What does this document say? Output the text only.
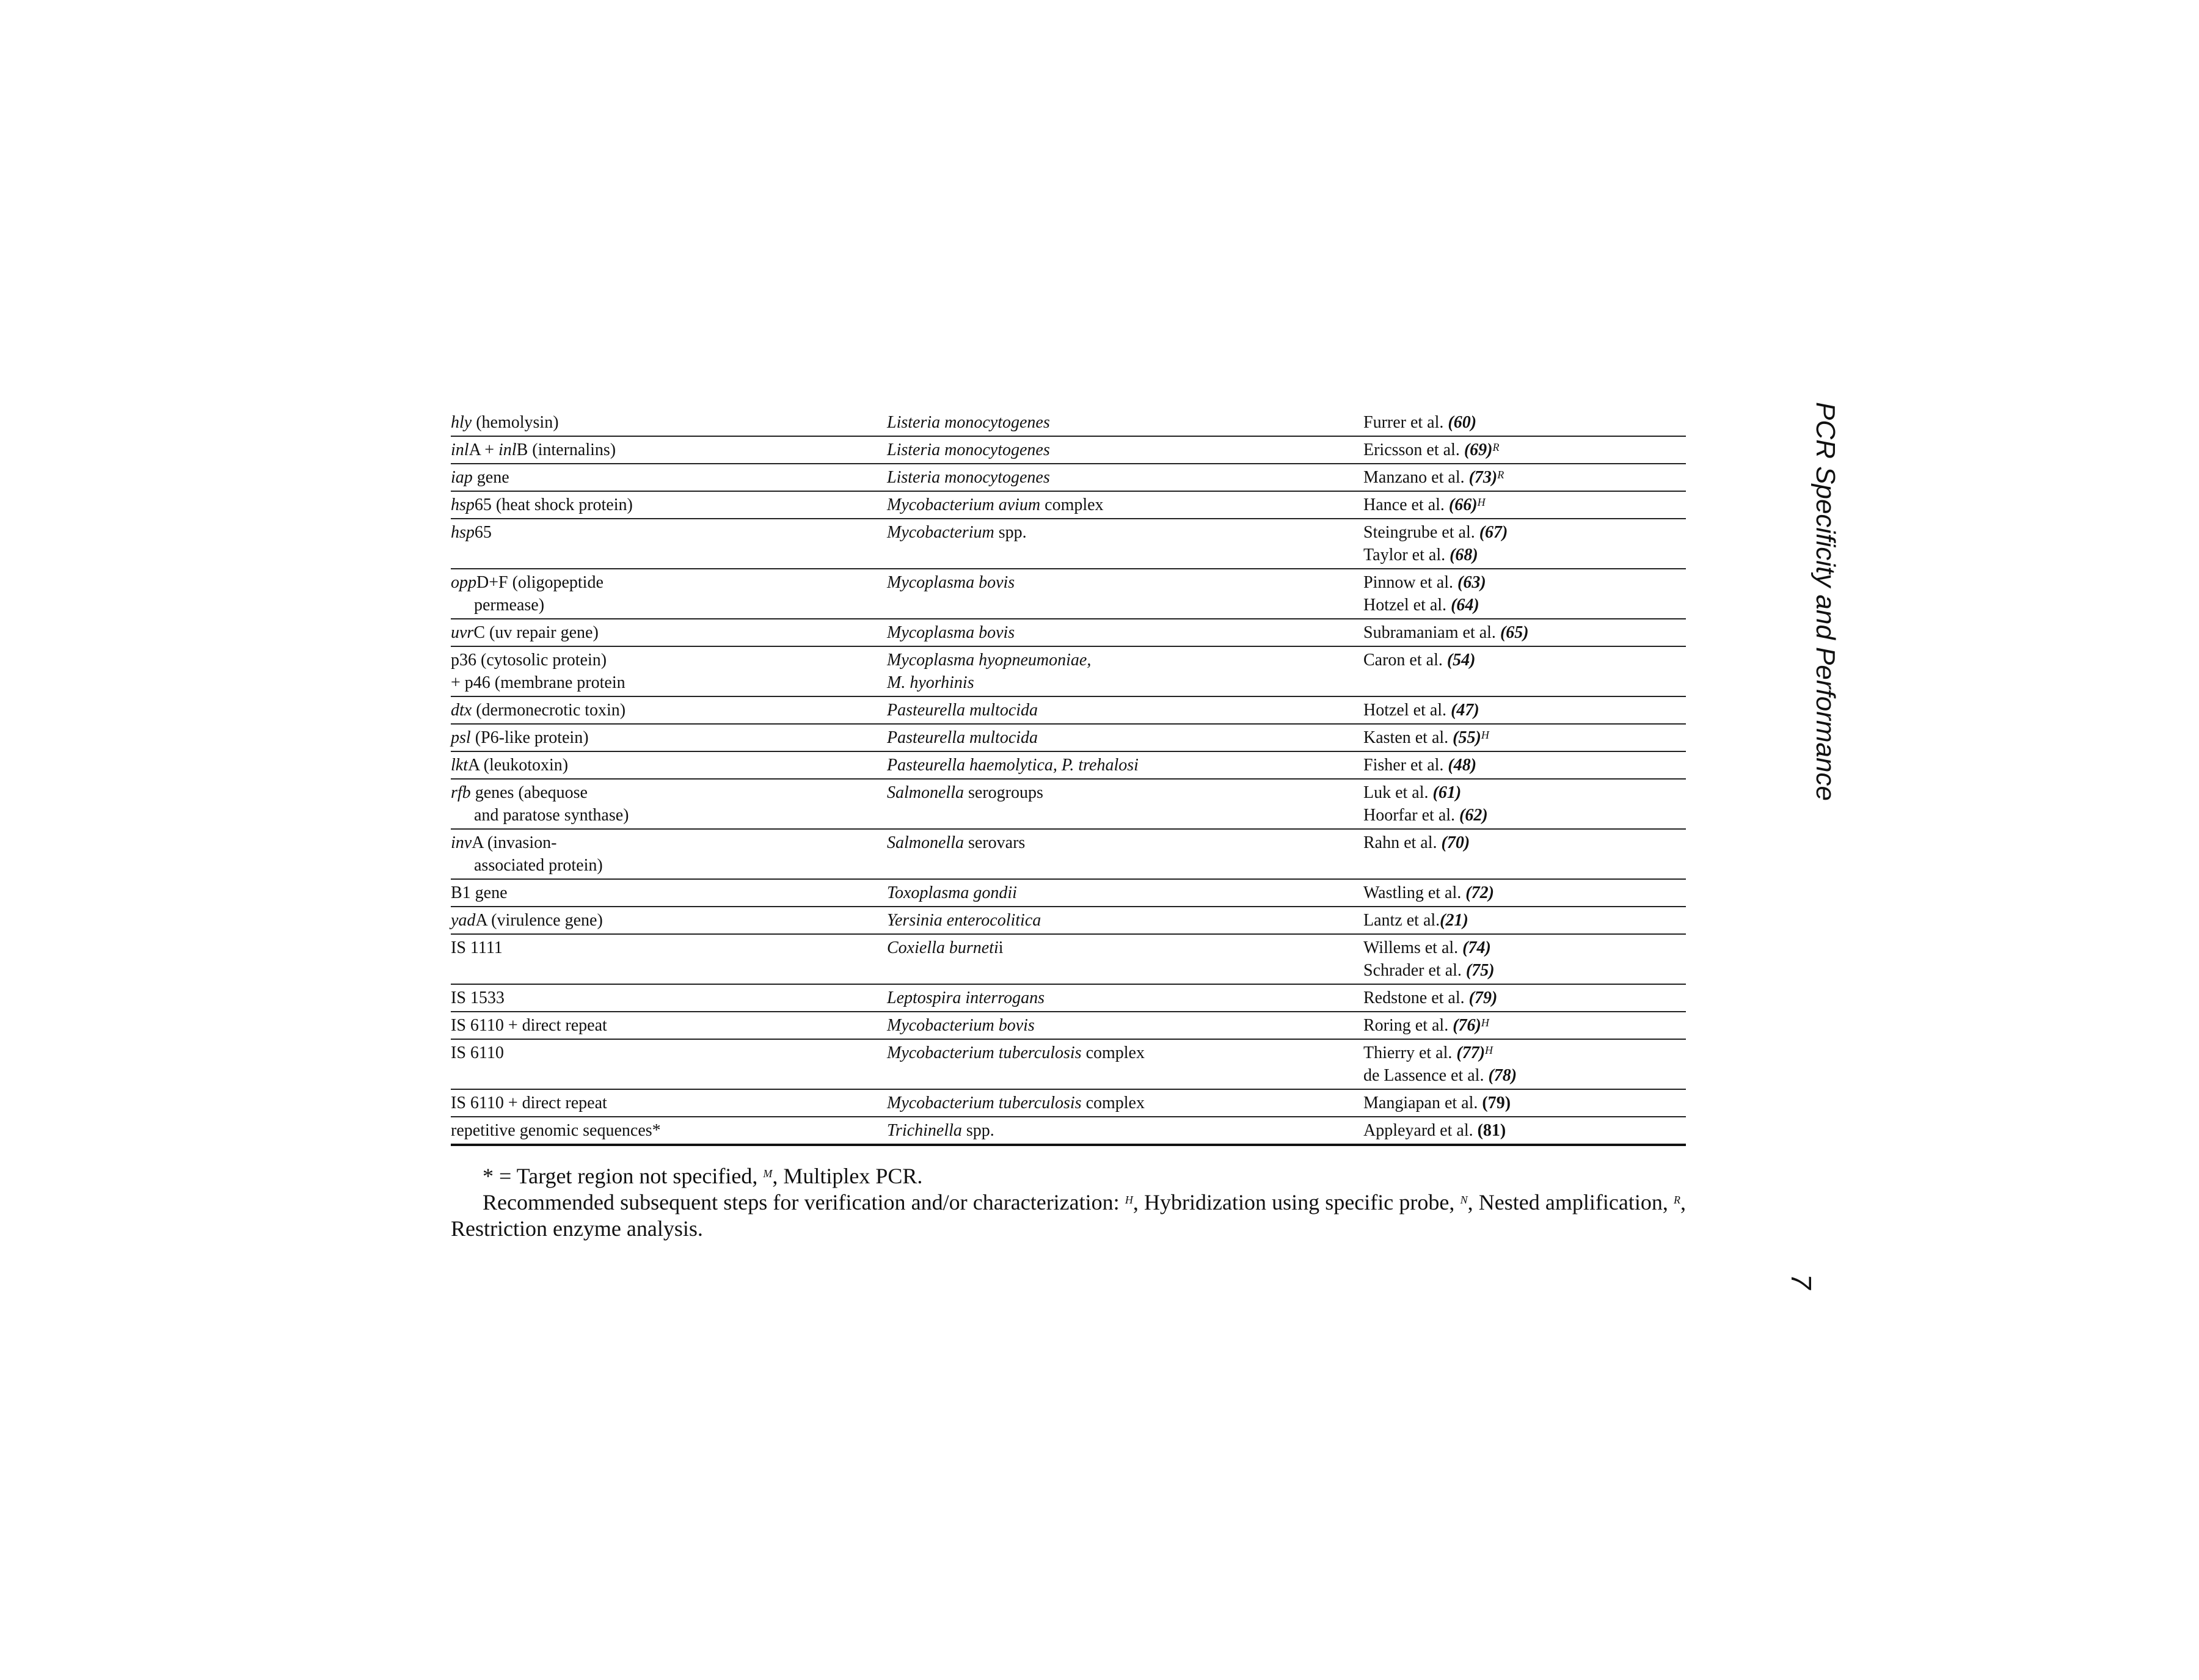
PCR Specificity and Performance
hly (hemolysin)	Listeria monocytogenes	Furrer et al. (60)

inlA + inlB (internalins)	Listeria monocytogenes	Ericsson et al. $(69)^R$

iap gene	Listeria monocytogenes	Manzano et al. $(73)^R$

hsp65 (heat shock protein)	Mycobacterium avium complex	Hance et al. $(66)^H$

hsp65	Mycobacterium spp.	Steingrube et al. (67)
Taylor et al. (68)

oppD+F (oligopeptide
permease)	Mycoplasma bovis	Pinnow et al. (63)
Hotzel et al. (64)

uvrC (uv repair gene)	Mycoplasma bovis	Subramaniam et al. (65)

p36 (cytosolic protein)
+ p46 (membrane protein	Mycoplasma hyopneumoniae,
M. hyorhinis	Caron et al. (54)

dtx (dermonecrotic toxin)	Pasteurella multocida	Hotzel et al. (47)

psl (P6-like protein)	Pasteurella multocida	Kasten et al. $(55)^H$

lktA (leukotoxin)	Pasteurella haemolytica, P. trehalosi	Fisher et al. (48)

rfb genes (abequose
and paratose synthase)	Salmonella serogroups	Luk et al. (61)
Hoorfar et al. (62)

invA (invasion-
associated protein)	Salmonella serovars	Rahn et al. (70)

B1 gene	Toxoplasma gondii	Wastling et al. (72)

yadA (virulence gene)	Yersinia enterocolitica	Lantz et al.(21)

IS 1111	Coxiella burnetii	Willems et al. (74)
Schrader et al. (75)

IS 1533	Leptospira interrogans	Redstone et al. (79)

IS 6110 + direct repeat	Mycobacterium bovis	Roring et al. $(76)^H$

IS 6110	Mycobacterium tuberculosis complex	Thierry et al. $(77)^H$
de Lassence et al. (78)

IS 6110 + direct repeat	Mycobacterium tuberculosis complex	Mangiapan et al. (79)

repetitive genomic sequences*	Trichinella spp.	Appleyard et al. (81)

* = Target region not specified, $^M$, Multiplex PCR.

Recommended subsequent steps for verification and/or characterization: $^H$, Hybridization using specific probe, $^N$, Nested amplification, $^R$, Restriction enzyme analysis.

7
